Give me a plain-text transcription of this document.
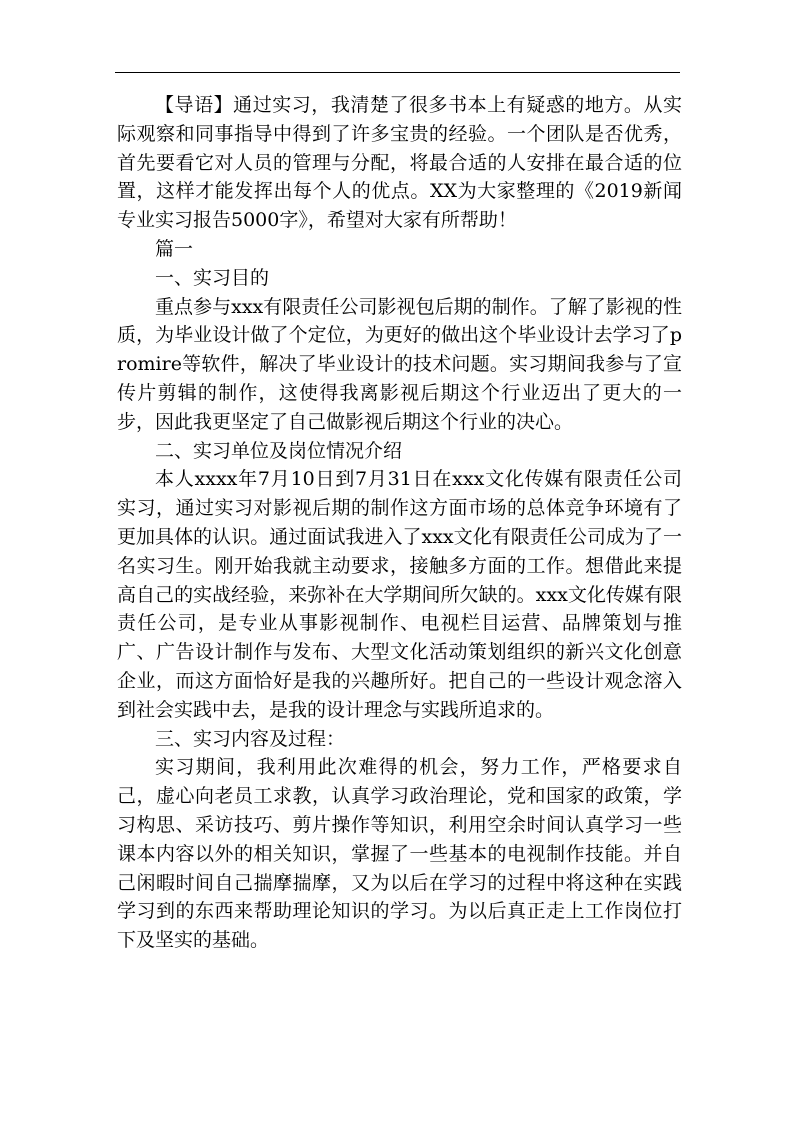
【导语】通过实习，我清楚了很多书本上有疑惑的地方。从实际观察和同事指导中得到了许多宝贵的经验。一个团队是否优秀，首先要看它对人员的管理与分配，将最合适的人安排在最合适的位置，这样才能发挥出每个人的优点。XX为大家整理的《2019新闻专业实习报告5000字》，希望对大家有所帮助！

篇一

一、实习目的

重点参与xxx有限责任公司影视包后期的制作。了解了影视的性质，为毕业设计做了个定位，为更好的做出这个毕业设计去学习了promire等软件，解决了毕业设计的技术问题。实习期间我参与了宣传片剪辑的制作，这使得我离影视后期这个行业迈出了更大的一步，因此我更坚定了自己做影视后期这个行业的决心。

二、实习单位及岗位情况介绍

本人xxxx年7月10日到7月31日在xxx文化传媒有限责任公司实习，通过实习对影视后期的制作这方面市场的总体竞争环境有了更加具体的认识。通过面试我进入了xxx文化有限责任公司成为了一名实习生。刚开始我就主动要求，接触多方面的工作。想借此来提高自己的实战经验，来弥补在大学期间所欠缺的。xxx文化传媒有限责任公司，是专业从事影视制作、电视栏目运营、品牌策划与推广、广告设计制作与发布、大型文化活动策划组织的新兴文化创意企业，而这方面恰好是我的兴趣所好。把自己的一些设计观念溶入到社会实践中去，是我的设计理念与实践所追求的。

三、实习内容及过程：

实习期间，我利用此次难得的机会，努力工作，严格要求自己，虚心向老员工求教，认真学习政治理论，党和国家的政策，学习构思、采访技巧、剪片操作等知识，利用空余时间认真学习一些课本内容以外的相关知识，掌握了一些基本的电视制作技能。并自己闲暇时间自己揣摩揣摩，又为以后在学习的过程中将这种在实践学习到的东西来帮助理论知识的学习。为以后真正走上工作岗位打下及坚实的基础。
